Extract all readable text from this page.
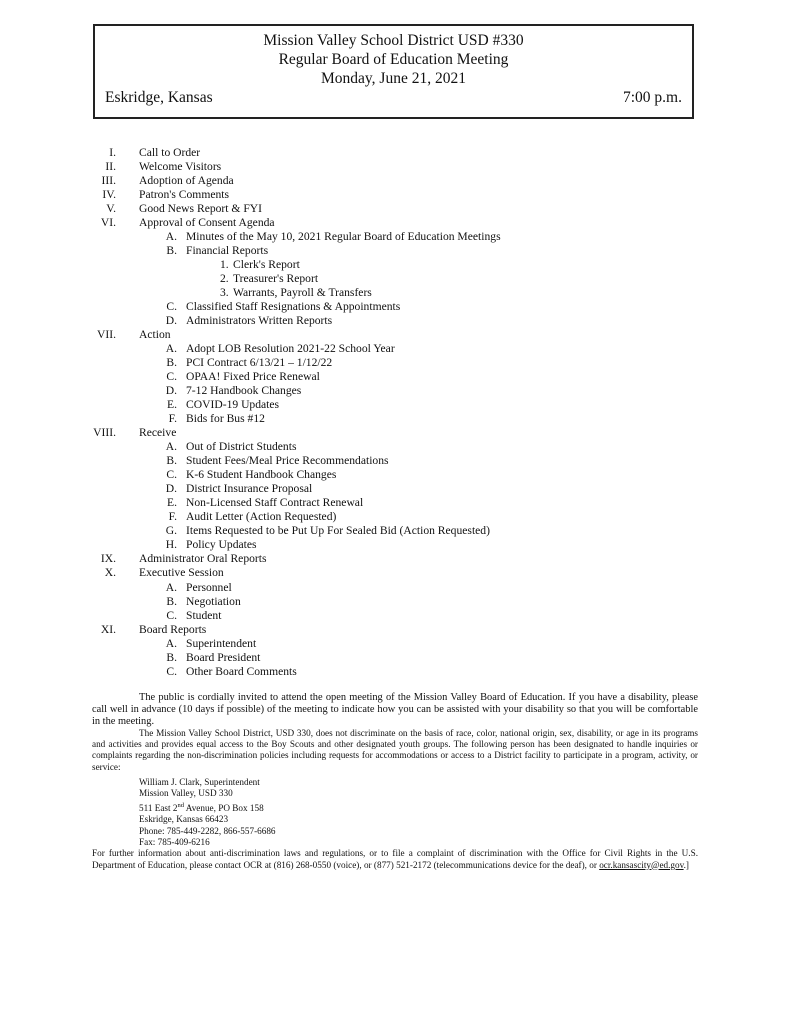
Mission Valley School District USD #330
Regular Board of Education Meeting
Monday, June 21, 2021
Eskridge, Kansas	7:00 p.m.
I. Call to Order
II. Welcome Visitors
III. Adoption of Agenda
IV. Patron's Comments
V. Good News Report & FYI
VI. Approval of Consent Agenda
A. Minutes of the May 10, 2021 Regular Board of Education Meetings
B. Financial Reports
1. Clerk's Report
2. Treasurer's Report
3. Warrants, Payroll & Transfers
C. Classified Staff Resignations & Appointments
D. Administrators Written Reports
VII. Action
A. Adopt LOB Resolution 2021-22 School Year
B. PCI Contract 6/13/21 – 1/12/22
C. OPAA! Fixed Price Renewal
D. 7-12 Handbook Changes
E. COVID-19 Updates
F. Bids for Bus #12
VIII. Receive
A. Out of District Students
B. Student Fees/Meal Price Recommendations
C. K-6 Student Handbook Changes
D. District Insurance Proposal
E. Non-Licensed Staff Contract Renewal
F. Audit Letter (Action Requested)
G. Items Requested to be Put Up For Sealed Bid (Action Requested)
H. Policy Updates
IX. Administrator Oral Reports
X. Executive Session
A. Personnel
B. Negotiation
C. Student
XI. Board Reports
A. Superintendent
B. Board President
C. Other Board Comments

The public is cordially invited to attend the open meeting of the Mission Valley Board of Education. If you have a disability, please call well in advance (10 days if possible) of the meeting to indicate how you can be assisted with your disability so that you will be comfortable in the meeting.

The Mission Valley School District, USD 330, does not discriminate on the basis of race, color, national origin, sex, disability, or age in its programs and activities and provides equal access to the Boy Scouts and other designated youth groups. The following person has been designated to handle inquiries or complaints regarding the non-discrimination policies including requests for accommodations or access to a District facility to participate in a program, activity, or service:

William J. Clark, Superintendent
Mission Valley, USD 330
511 East 2nd Avenue, PO Box 158
Eskridge, Kansas 66423
Phone: 785-449-2282, 866-557-6686
Fax: 785-409-6216

For further information about anti-discrimination laws and regulations, or to file a complaint of discrimination with the Office for Civil Rights in the U.S. Department of Education, please contact OCR at (816) 268-0550 (voice), or (877) 521-2172 (telecommunications device for the deaf), or ocr.kansascity@ed.gov.]
